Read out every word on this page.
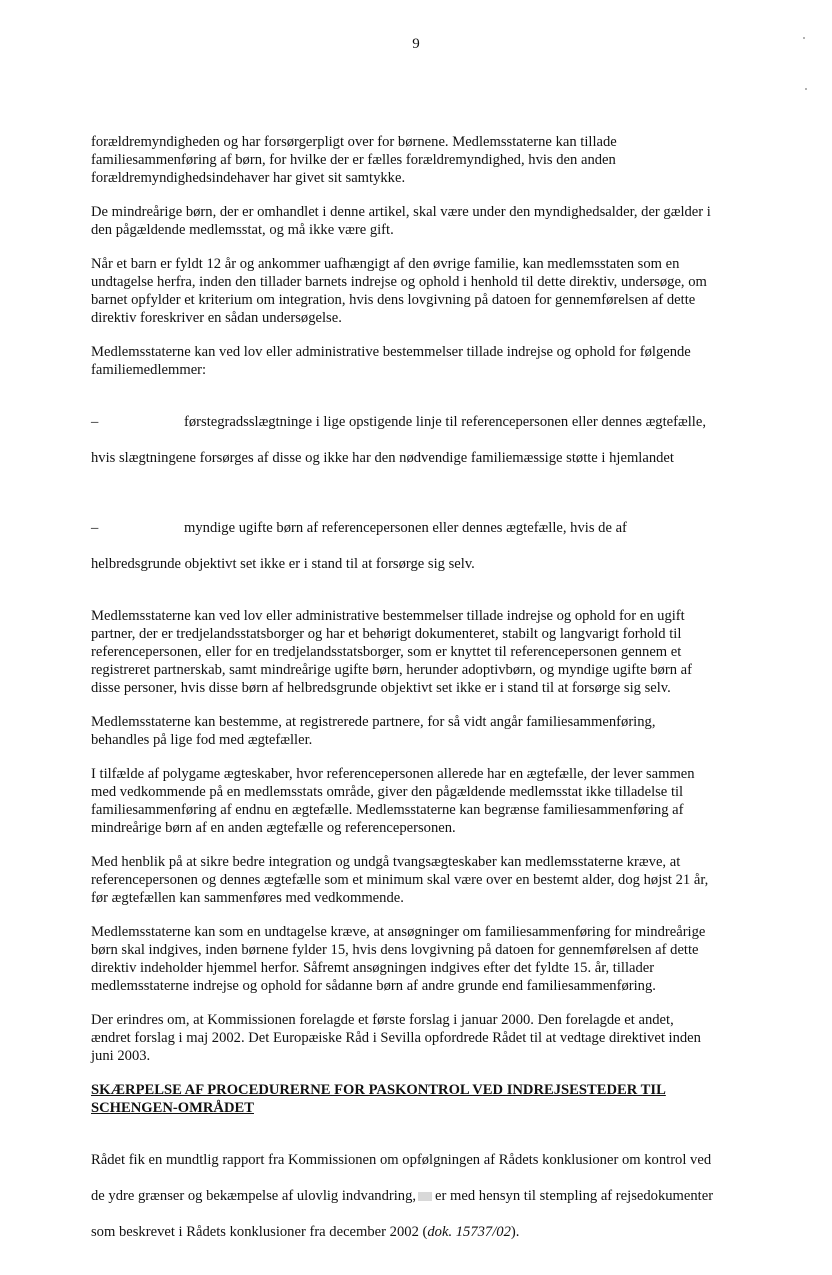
9

forældremyndigheden og har forsørgerpligt over for børnene. Medlemsstaterne kan tillade
familiesammenføring af børn, for hvilke der er fælles forældremyndighed, hvis den anden
forældremyndighedsindehaver har givet sit samtykke.

De mindreårige børn, der er omhandlet i denne artikel, skal være under den myndighedsalder, der gælder i
den pågældende medlemsstat, og må ikke være gift.

Når et barn er fyldt 12 år og ankommer uafhængigt af den øvrige familie, kan medlemsstaten som en
undtagelse herfra, inden den tillader barnets indrejse og ophold i henhold til dette direktiv, undersøge, om
barnet opfylder et kriterium om integration, hvis dens lovgivning på datoen for gennemførelsen af dette
direktiv foreskriver en sådan undersøgelse.

Medlemsstaterne kan ved lov eller administrative bestemmelser tillade indrejse og ophold for følgende
familiemedlemmer:

–	førstegradsslægtninge i lige opstigende linje til referencepersonen eller dennes ægtefælle,

hvis slægtningene forsørges af disse og ikke har den nødvendige familiemæssige støtte i hjemlandet

–	myndige ugifte børn af referencepersonen eller dennes ægtefælle, hvis de af

helbredsgrunde objektivt set ikke er i stand til at forsørge sig selv.

Medlemsstaterne kan ved lov eller administrative bestemmelser tillade indrejse og ophold for en ugift
partner, der er tredjelandsstatsborger og har et behørigt dokumenteret, stabilt og langvarigt forhold til
referencepersonen, eller for en tredjelandsstatsborger, som er knyttet til referencepersonen gennem et
registreret partnerskab, samt mindreårige ugifte børn, herunder adoptivbørn, og myndige ugifte børn af
disse personer, hvis disse børn af helbredsgrunde objektivt set ikke er i stand til at forsørge sig selv.

Medlemsstaterne kan bestemme, at registrerede partnere, for så vidt angår familiesammenføring,
behandles på lige fod med ægtefæller.

I tilfælde af polygame ægteskaber, hvor referencepersonen allerede har en ægtefælle, der lever sammen
med vedkommende på en medlemsstats område, giver den pågældende medlemsstat ikke tilladelse til
familiesammenføring af endnu en ægtefælle. Medlemsstaterne kan begrænse familiesammenføring af
mindreårige børn af en anden ægtefælle og referencepersonen.

Med henblik på at sikre bedre integration og undgå tvangsægteskaber kan medlemsstaterne kræve, at
referencepersonen og dennes ægtefælle som et minimum skal være over en bestemt alder, dog højst 21 år,
før ægtefællen kan sammenføres med vedkommende.

Medlemsstaterne kan som en undtagelse kræve, at ansøgninger om familiesammenføring for mindreårige
børn skal indgives, inden børnene fylder 15, hvis dens lovgivning på datoen for gennemførelsen af dette
direktiv indeholder hjemmel herfor. Såfremt ansøgningen indgives efter det fyldte 15. år, tillader
medlemsstaterne indrejse og ophold for sådanne børn af andre grunde end familiesammenføring.

Der erindres om, at Kommissionen forelagde et første forslag i januar 2000. Den forelagde et andet,
ændret forslag i maj 2002. Det Europæiske Råd i Sevilla opfordrede Rådet til at vedtage direktivet inden
juni 2003.

SKÆRPELSE AF PROCEDURERNE FOR PASKONTROL VED INDREJSESTEDER TIL
SCHENGEN-OMRÅDET

Rådet fik en mundtlig rapport fra Kommissionen om opfølgningen af Rådets konklusioner om kontrol ved

de ydre grænser og bekæmpelse af ulovlig indvandring, er med hensyn til stempling af rejsedokumenter

som beskrevet i Rådets konklusioner fra december 2002 (dok. 15737/02).
